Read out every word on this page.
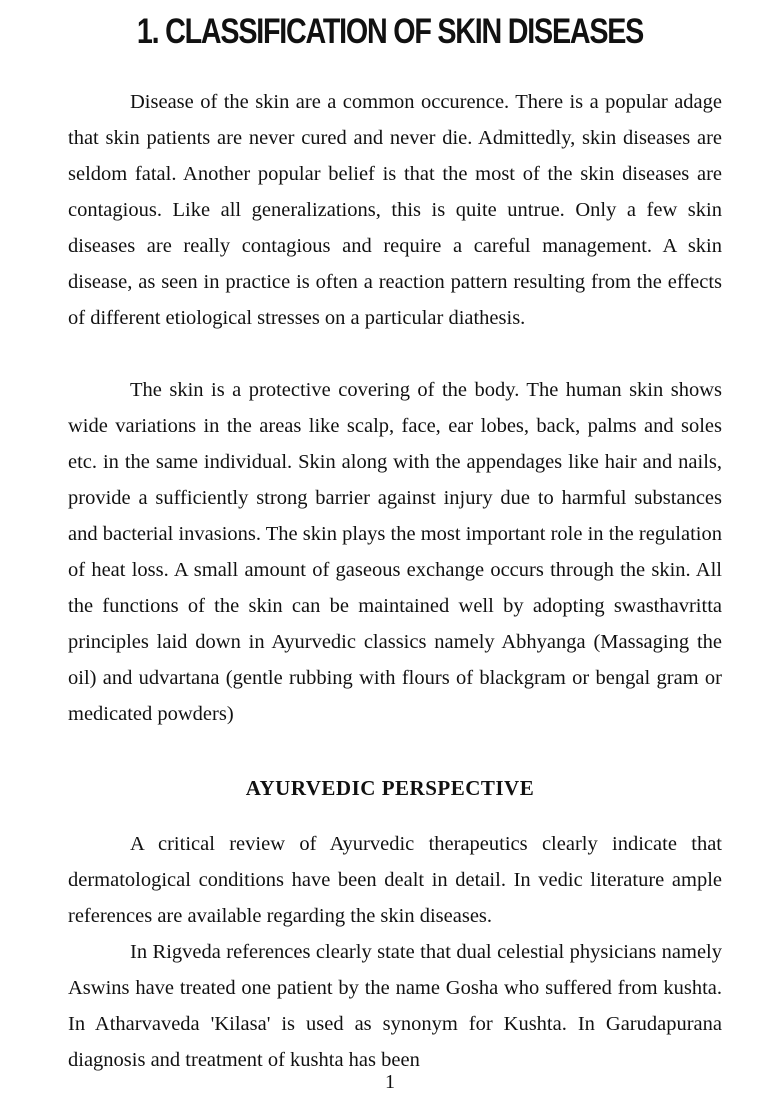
1. CLASSIFICATION OF SKIN DISEASES

Disease of the skin are a common occurence. There is a popular adage that skin patients are never cured and never die. Admittedly, skin diseases are seldom fatal. Another popular belief is that the most of the skin diseases are contagious. Like all generalizations, this is quite untrue. Only a few skin diseases are really contagious and require a careful management. A skin disease, as seen in practice is often a reaction pattern resulting from the effects of different etiological stresses on a particular diathesis.

The skin is a protective covering of the body. The human skin shows wide variations in the areas like scalp, face, ear lobes, back, palms and soles etc. in the same individual. Skin along with the appendages like hair and nails, provide a sufficiently strong barrier against injury due to harmful substances and bacterial invasions. The skin plays the most important role in the regulation of heat loss. A small amount of gaseous exchange occurs through the skin. All the functions of the skin can be maintained well by adopting swasthavritta principles laid down in Ayurvedic classics namely Abhyanga (Massaging the oil) and udvartana (gentle rubbing with flours of blackgram or bengal gram or medicated powders)

AYURVEDIC PERSPECTIVE

A critical review of Ayurvedic therapeutics clearly indicate that dermatological conditions have been dealt in detail. In vedic literature ample references are available regarding the skin diseases.

In Rigveda references clearly state that dual celestial physicians namely Aswins have treated one patient by the name Gosha who suffered from kushta. In Atharvaveda 'Kilasa' is used as synonym for Kushta. In Garudapurana diagnosis and treatment of kushta has been

1
